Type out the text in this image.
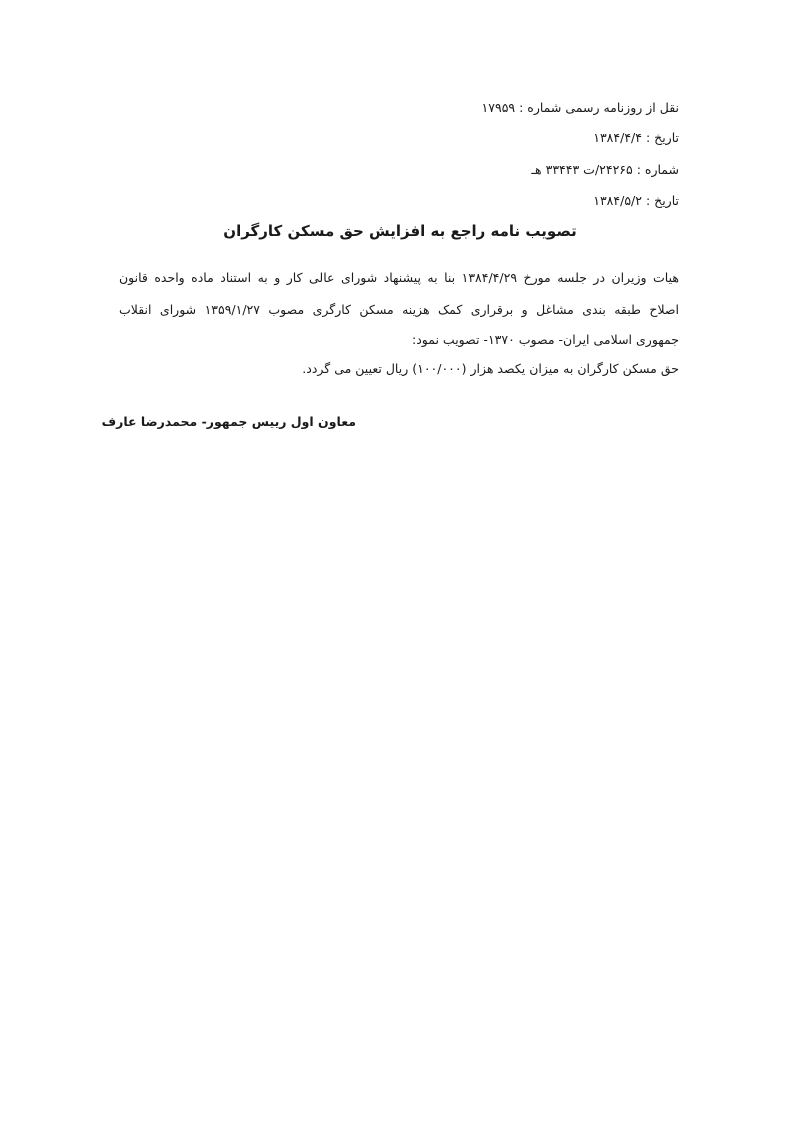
نقل از روزنامه رسمی شماره : ۱۷۹۵۹
تاریخ : ۱۳۸۴/۴/۴
شماره : ۲۴۲۶۵/ت ۳۳۴۴۳ هـ
تاریخ : ۱۳۸۴/۵/۲
تصویب نامه راجع به افزایش حق مسکن کارگران
هیات وزیران در جلسه مورخ ۱۳۸۴/۴/۲۹ بنا به پیشنهاد شورای عالی کار و به استناد ماده واحده قانون
اصلاح طبقه بندی مشاغل و برقراری کمک هزینه مسکن کارگری مصوب ۱۳۵۹/۱/۲۷ شورای انقلاب
جمهوری اسلامی ایران- مصوب ۱۳۷۰- تصویب نمود:
حق مسکن کارگران به میزان یکصد هزار (۱۰۰/۰۰۰) ریال تعیین می گردد.
معاون اول رییس جمهور- محمدرضا عارف
